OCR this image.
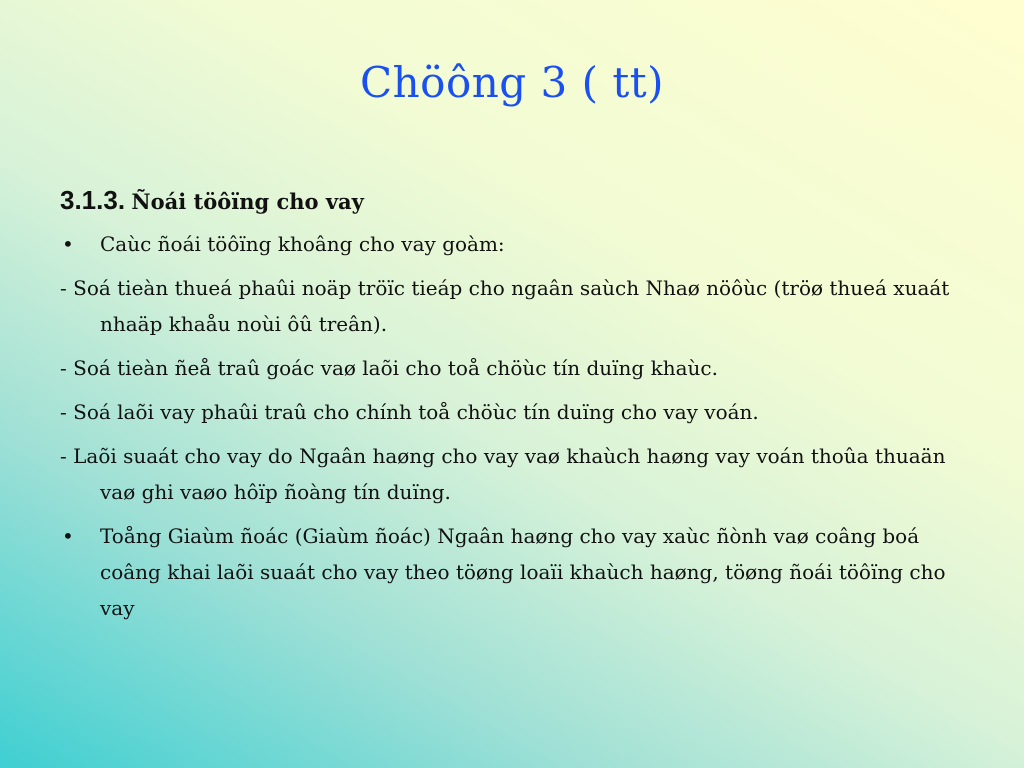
Chöông 3 ( tt)
3.1.3. Ñoái töôïng cho vay
• Caùc ñoái töôïng khoâng cho vay goàm:
- Soá tieàn thueá phaûi noäp tröïc tieáp cho ngaân saùch Nhaø nöôùc (tröø thueá xuaát nhaäp khaåu noùi ôû treân).
- Soá tieàn ñeå traû goác vaø laõi cho toå chöùc tín duïng khaùc.
- Soá laõi vay phaûi traû cho chính toå chöùc tín duïng cho vay voán.
- Laõi suaát cho vay do Ngaân haøng cho vay vaø khaùch haøng vay voán thoûa thuaän vaø ghi vaøo hôïp ñoàng tín duïng.
• Toång Giaùm ñoác (Giaùm ñoác) Ngaân haøng cho vay xaùc ñònh vaø coâng boá coâng khai laõi suaát cho vay theo töøng loaïi khaùch haøng, töøng ñoái töôïng cho vay
